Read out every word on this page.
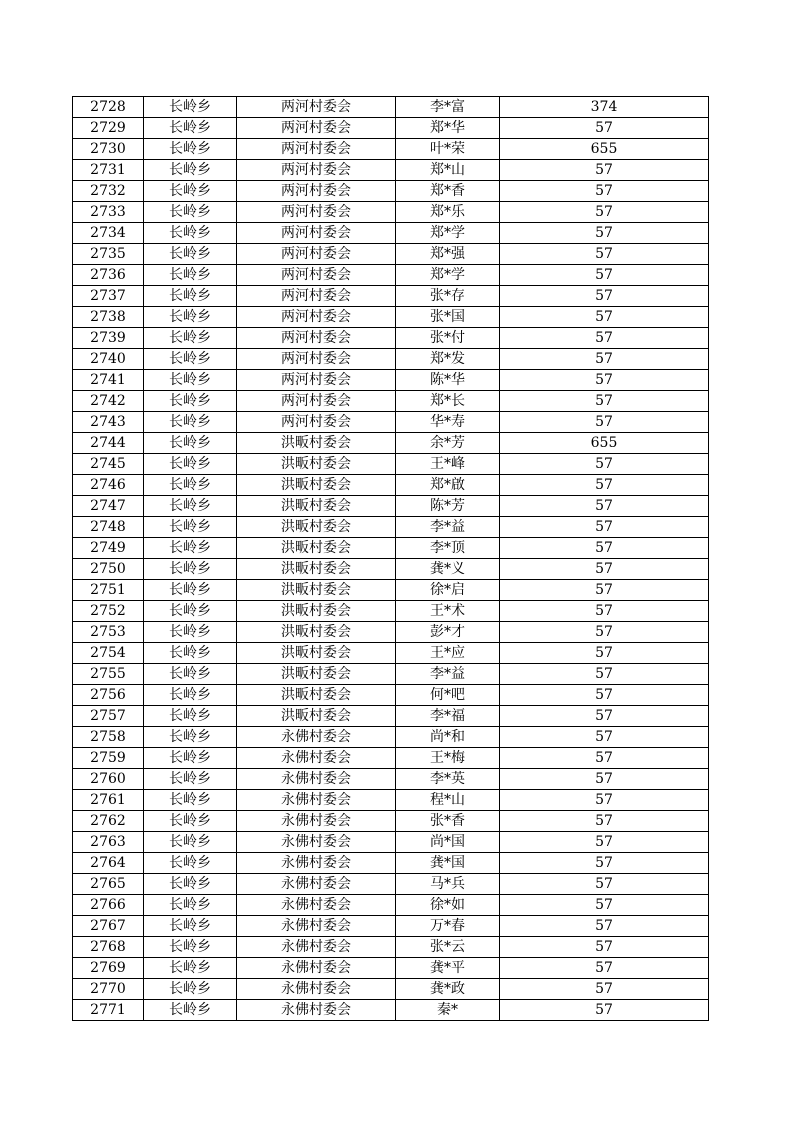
2728	长岭乡	两河村委会	李*富	374
2729	长岭乡	两河村委会	郑*华	57
2730	长岭乡	两河村委会	叶*荣	655
2731	长岭乡	两河村委会	郑*山	57
2732	长岭乡	两河村委会	郑*香	57
2733	长岭乡	两河村委会	郑*乐	57
2734	长岭乡	两河村委会	郑*学	57
2735	长岭乡	两河村委会	郑*强	57
2736	长岭乡	两河村委会	郑*学	57
2737	长岭乡	两河村委会	张*存	57
2738	长岭乡	两河村委会	张*国	57
2739	长岭乡	两河村委会	张*付	57
2740	长岭乡	两河村委会	郑*发	57
2741	长岭乡	两河村委会	陈*华	57
2742	长岭乡	两河村委会	郑*长	57
2743	长岭乡	两河村委会	华*寿	57
2744	长岭乡	洪畈村委会	余*芳	655
2745	长岭乡	洪畈村委会	王*峰	57
2746	长岭乡	洪畈村委会	郑*啟	57
2747	长岭乡	洪畈村委会	陈*芳	57
2748	长岭乡	洪畈村委会	李*益	57
2749	长岭乡	洪畈村委会	李*顶	57
2750	长岭乡	洪畈村委会	龚*义	57
2751	长岭乡	洪畈村委会	徐*启	57
2752	长岭乡	洪畈村委会	王*术	57
2753	长岭乡	洪畈村委会	彭*才	57
2754	长岭乡	洪畈村委会	王*应	57
2755	长岭乡	洪畈村委会	李*益	57
2756	长岭乡	洪畈村委会	何*吧	57
2757	长岭乡	洪畈村委会	李*福	57
2758	长岭乡	永佛村委会	尚*和	57
2759	长岭乡	永佛村委会	王*梅	57
2760	长岭乡	永佛村委会	李*英	57
2761	长岭乡	永佛村委会	程*山	57
2762	长岭乡	永佛村委会	张*香	57
2763	长岭乡	永佛村委会	尚*国	57
2764	长岭乡	永佛村委会	龚*国	57
2765	长岭乡	永佛村委会	马*兵	57
2766	长岭乡	永佛村委会	徐*如	57
2767	长岭乡	永佛村委会	万*春	57
2768	长岭乡	永佛村委会	张*云	57
2769	长岭乡	永佛村委会	龚*平	57
2770	长岭乡	永佛村委会	龚*政	57
2771	长岭乡	永佛村委会	秦*	57
